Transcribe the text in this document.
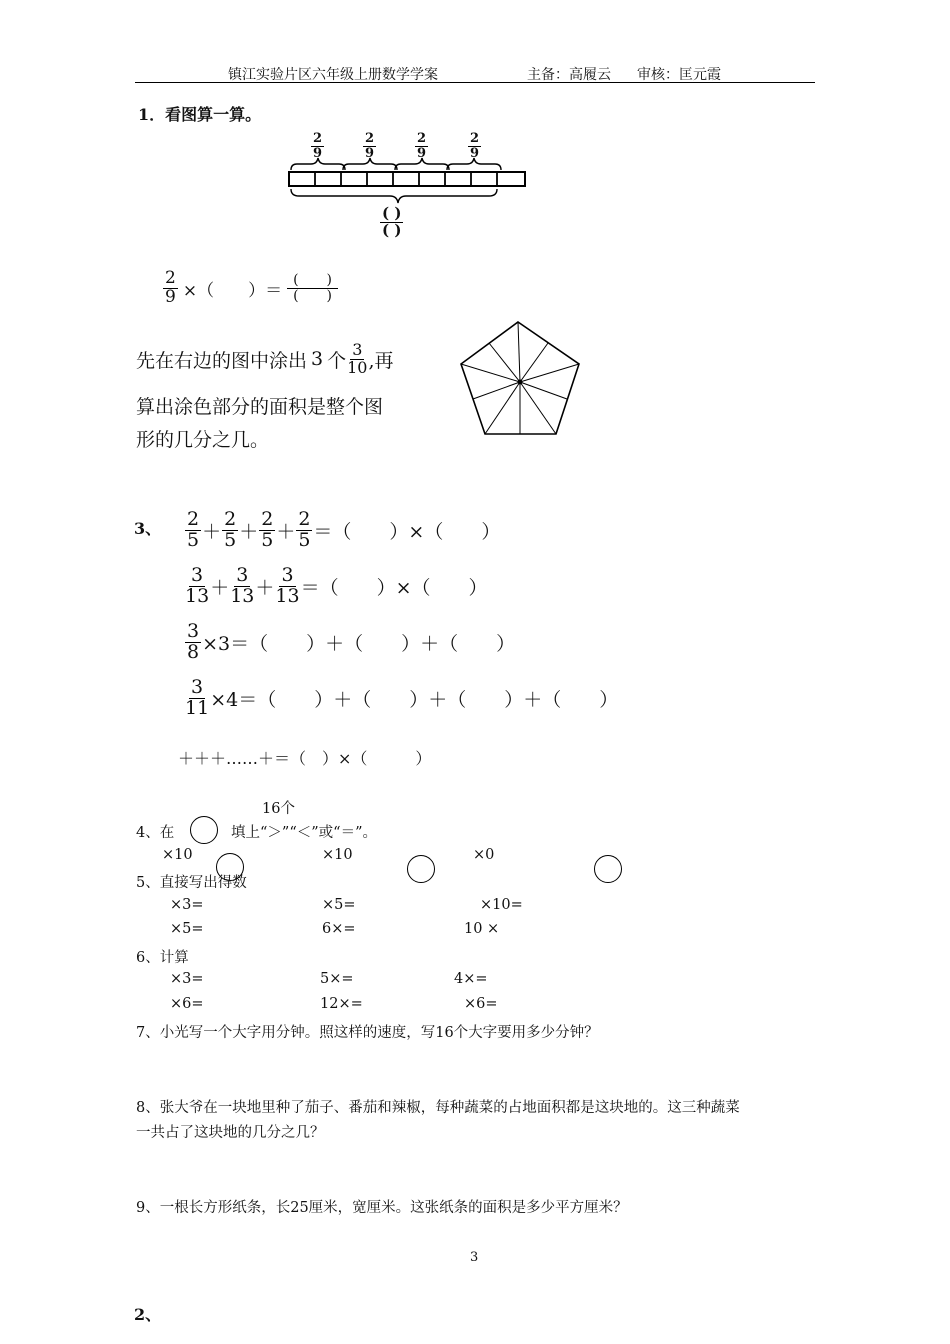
镇江实验片区六年级上册数学学案	主备：高履云 审核：匡元霞
1．看图算一算。
$\frac{2}{9}$	$\frac{2}{9}$	$\frac{2}{9}$	$\frac{2}{9}$
$\frac{( )}{( )}$
$\frac{2}{9}$ ×（　　）＝ $\frac{( )}{( )}$
先在右边的图中涂出 3 个 $\frac{3}{10}$ ,再
算出涂色部分的面积是整个图
形的几分之几。
3、 $\frac{2}{5} + \frac{2}{5} + \frac{2}{5} + \frac{2}{5}$ ＝（　　）×（　　）
$\frac{3}{13} + \frac{3}{13} + \frac{3}{13}$ ＝（　　）×（　　）
$\frac{3}{8} \times 3=$（　　）＋（　　）＋（　　）
$\frac{3}{11} \times 4=$（　　）＋（　　）＋（　　）＋（　　）
＋＋＋……＋＝（　）×（　　　）
16个
4、在	填上“＞”“＜”或“＝”。
×10	×10	×0
5、直接写出得数
×3=	×5=	×10=
×5=	6×=	10 ×
6、计算
×3=	5×=	4×=
×6=	12×=	×6=
7、小光写一个大字用分钟。照这样的速度，写16个大字要用多少分钟？
8、张大爷在一块地里种了茄子、番茄和辣椒，每种蔬菜的占地面积都是这块地的。这三种蔬菜
一共占了这块地的几分之几？
9、一根长方形纸条，长25厘米，宽厘米。这张纸条的面积是多少平方厘米？
3
2、
